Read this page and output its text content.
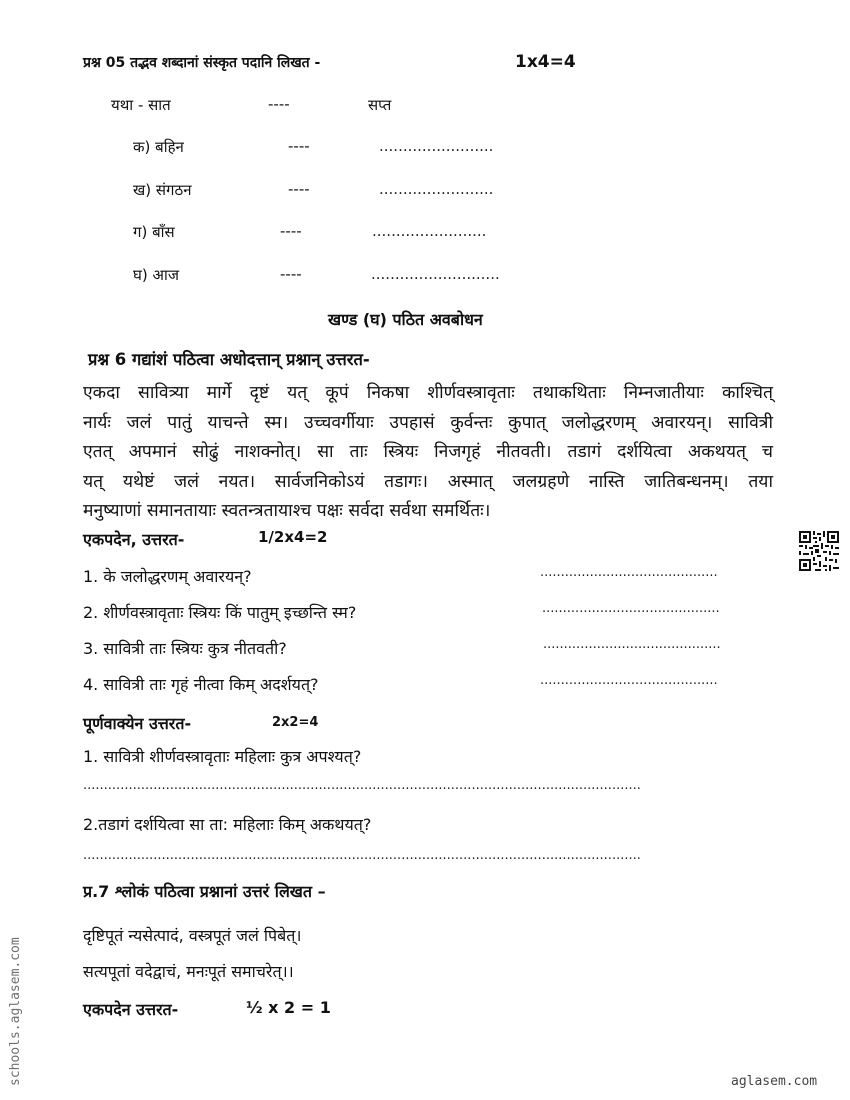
प्रश्न 05 तद्भव शब्दानां संस्कृत पदानि लिखत -	1x4=4
यथा - सात	----	सप्त
क) बहिन	----	........................
ख) संगठन	----	........................
ग) बाँस	----	........................
घ) आज	----	...........................
खण्ड (घ) पठित अवबोधन
प्रश्न 6 गद्यांशं पठित्वा अधोदत्तान् प्रश्नान् उत्तरत-

एकदा सावित्र्या मार्गे दृष्टं यत् कूपं निकषा शीर्णवस्त्रावृताः तथाकथिताः निम्नजातीयाः काश्चित्

नार्यः जलं पातुं याचन्ते स्म। उच्चवर्गीयाः उपहासं कुर्वन्तः कुपात् जलोद्धरणम् अवारयन्। सावित्री

एतत् अपमानं सोढुं नाशक्नोत्। सा ताः स्त्रियः निजगृहं नीतवती। तडागं दर्शयित्वा अकथयत् च

यत् यथेष्टं जलं नयत। सार्वजनिकोऽयं तडागः। अस्मात् जलग्रहणे नास्ति जातिबन्धनम्। तया

मनुष्याणां समानतायाः स्वतन्त्रतायाश्च पक्षः सर्वदा सर्वथा समर्थितः।

एकपदेन, उत्तरत-	1/2x4=2
1. के जलोद्धरणम् अवारयन्?	...........................................
2. शीर्णवस्त्रावृताः स्त्रियः किं पातुम् इच्छन्ति स्म?	...........................................
3. सावित्री ताः स्त्रियः कुत्र नीतवती?	...........................................
4. सावित्री ताः गृहं नीत्वा किम् अदर्शयत्?	...........................................
पूर्णवाक्येन उत्तरत-	2x2=4
1. सावित्री शीर्णवस्त्रावृताः महिलाः कुत्र अपश्यत्?
.......................................................................................................................................
2.तडागं दर्शयित्वा सा ता: महिलाः किम् अकथयत्?
.......................................................................................................................................
प्र.7 श्लोकं पठित्वा प्रश्नानां उत्तरं लिखत –
दृष्टिपूतं न्यसेत्पादं, वस्त्रपूतं जलं पिबेत्।
सत्यपूतां वदेद्वाचं, मनःपूतं समाचरेत्।।
एकपदेन उत्तरत-	½ x 2 = 1
schools.aglasem.com	aglasem.com
